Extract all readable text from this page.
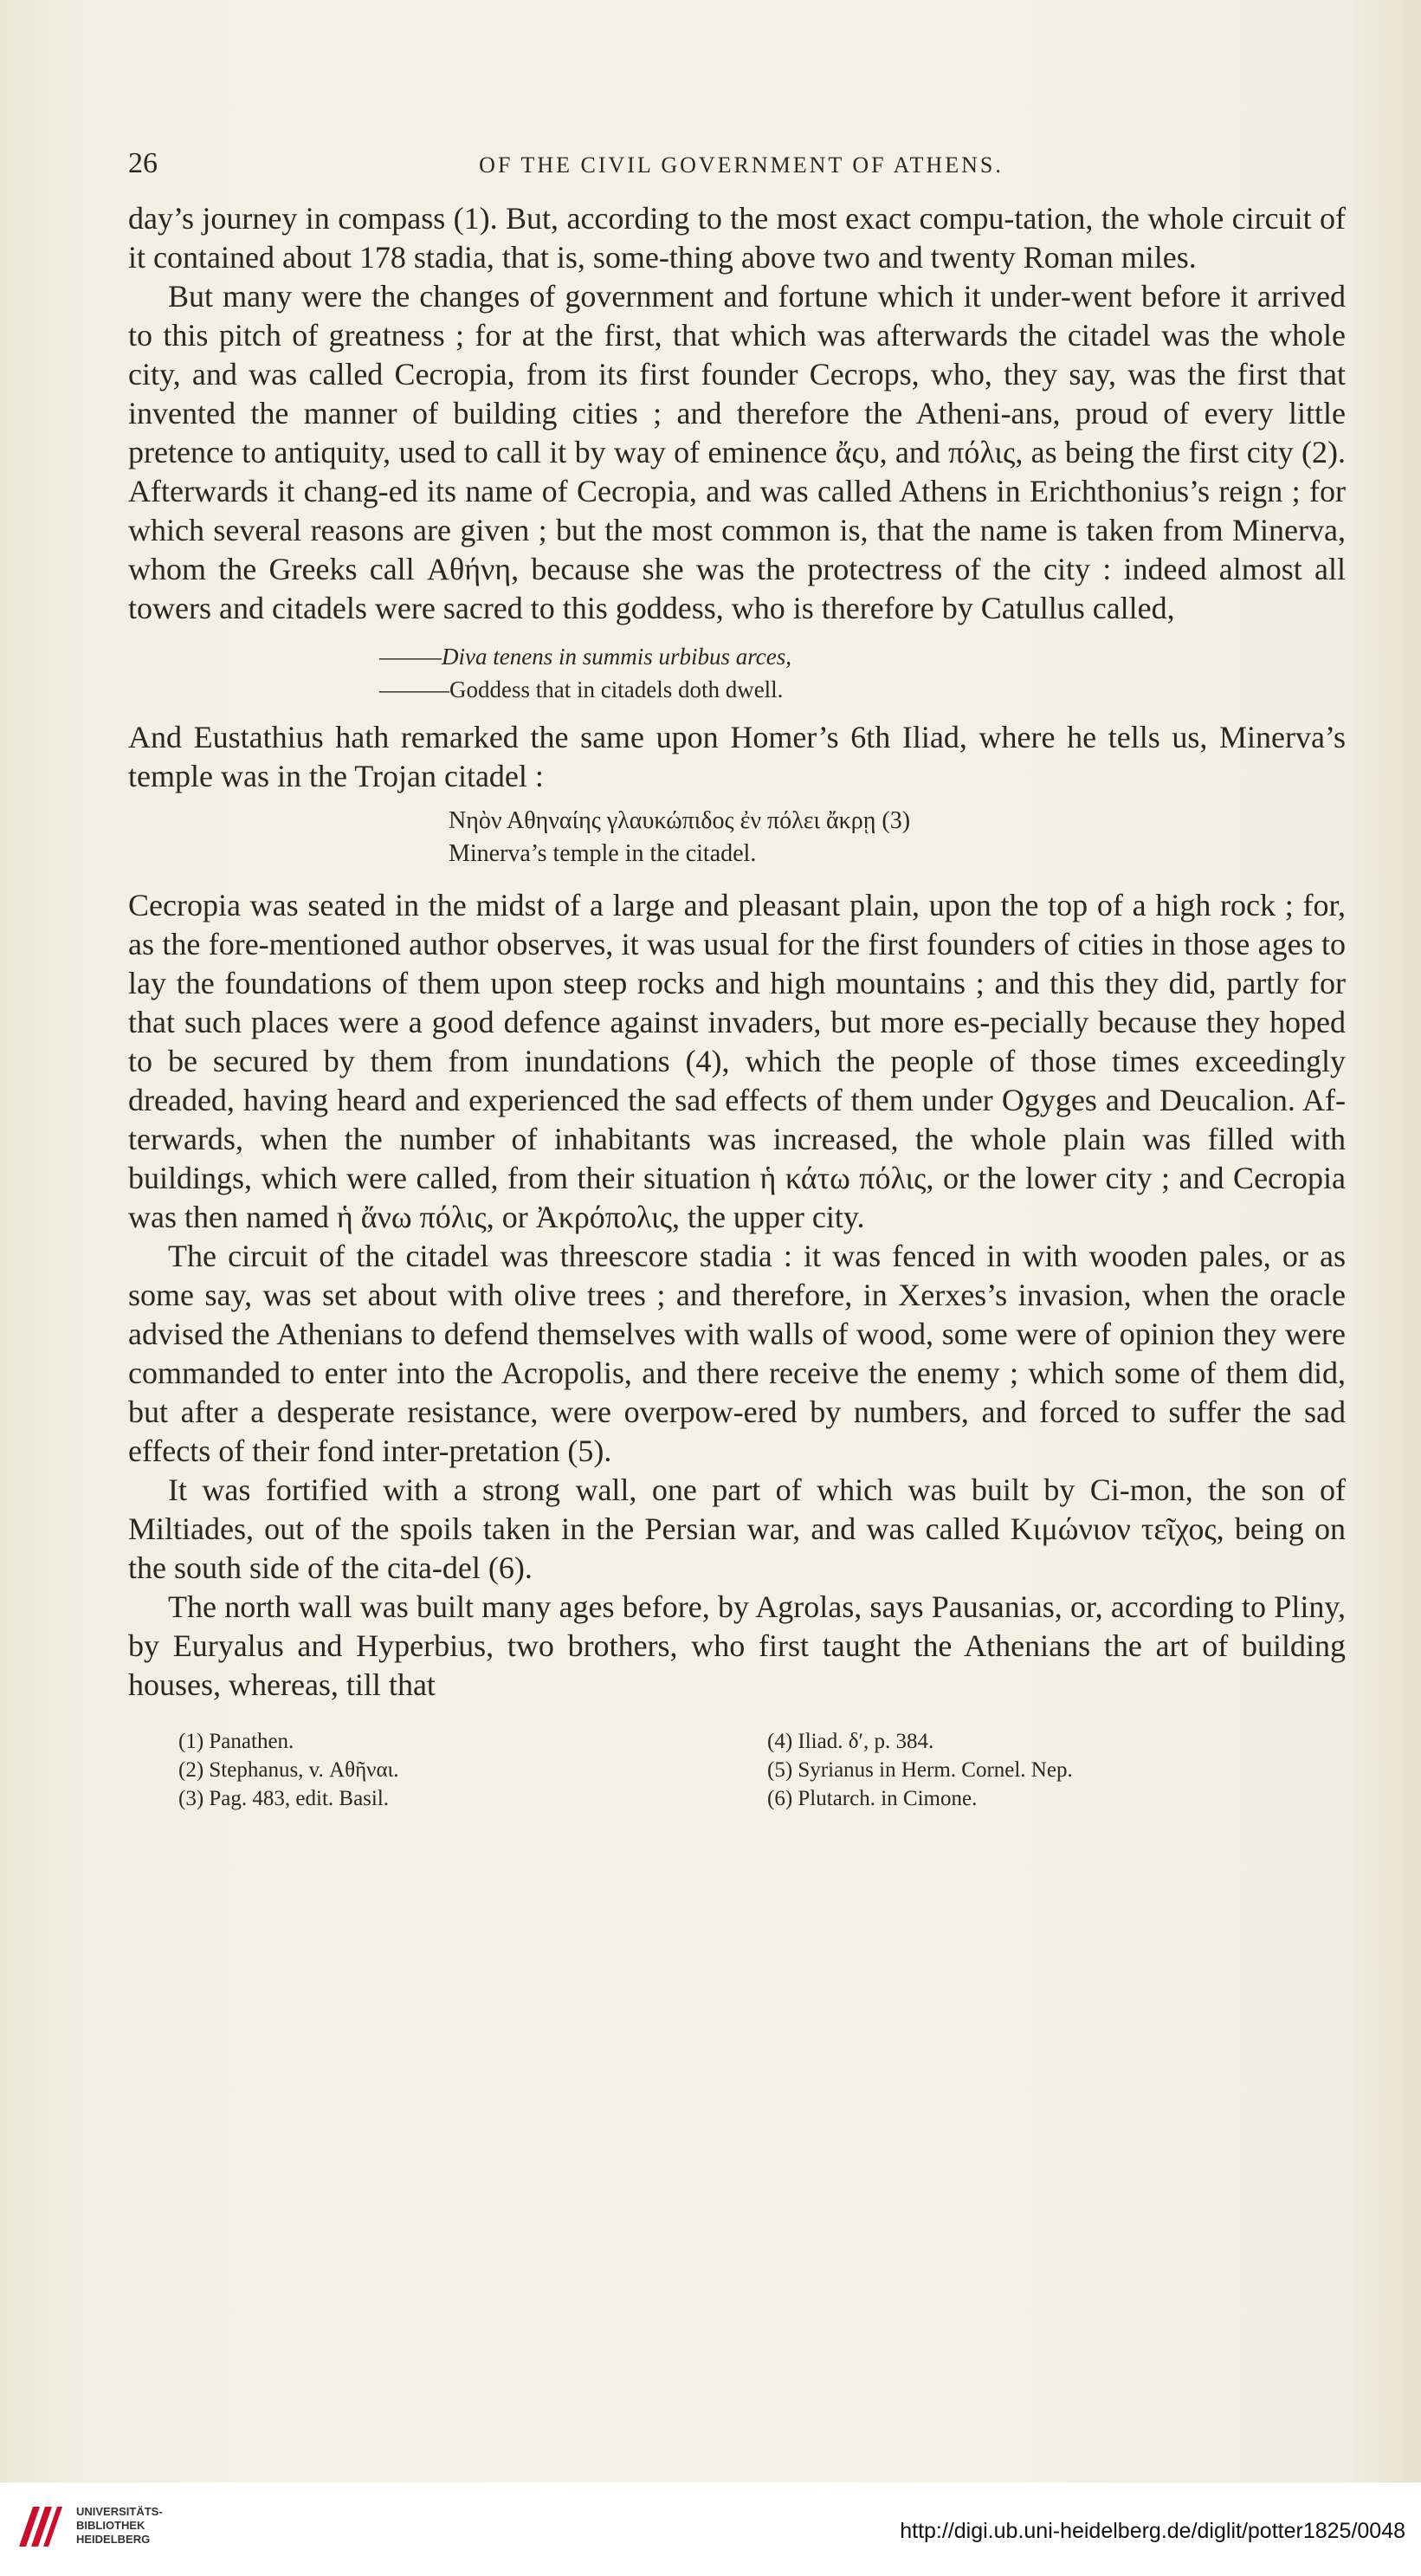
26	OF THE CIVIL GOVERNMENT OF ATHENS.

day’s journey in compass (1). But, according to the most exact compu-tation, the whole circuit of it contained about 178 stadia, that is, some-thing above two and twenty Roman miles.

But many were the changes of government and fortune which it under-went before it arrived to this pitch of greatness ; for at the first, that which was afterwards the citadel was the whole city, and was called Cecropia, from its first founder Cecrops, who, they say, was the first that invented the manner of building cities ; and therefore the Atheni-ans, proud of every little pretence to antiquity, used to call it by way of eminence ἄςυ, and πόλις, as being the first city (2). Afterwards it chang-ed its name of Cecropia, and was called Athens in Erichthonius’s reign ; for which several reasons are given ; but the most common is, that the name is taken from Minerva, whom the Greeks call Αθήνη, because she was the protectress of the city : indeed almost all towers and citadels were sacred to this goddess, who is therefore by Catullus called,

———Diva tenens in summis urbibus arces,
———Goddess that in citadels doth dwell.

And Eustathius hath remarked the same upon Homer’s 6th Iliad, where he tells us, Minerva’s temple was in the Trojan citadel :

Νηὸν Αθηναίης γλαυκώπιδος ἐν πόλει ἄκρῃ (3)
Minerva’s temple in the citadel.

Cecropia was seated in the midst of a large and pleasant plain, upon the top of a high rock ; for, as the fore-mentioned author observes, it was usual for the first founders of cities in those ages to lay the foundations of them upon steep rocks and high mountains ; and this they did, partly for that such places were a good defence against invaders, but more es-pecially because they hoped to be secured by them from inundations (4), which the people of those times exceedingly dreaded, having heard and experienced the sad effects of them under Ogyges and Deucalion. Af-terwards, when the number of inhabitants was increased, the whole plain was filled with buildings, which were called, from their situation ἡ κάτω πόλις, or the lower city ; and Cecropia was then named ἡ ἄνω πόλις, or Ἀκρόπολις, the upper city.

The circuit of the citadel was threescore stadia : it was fenced in with wooden pales, or as some say, was set about with olive trees ; and therefore, in Xerxes’s invasion, when the oracle advised the Athenians to defend themselves with walls of wood, some were of opinion they were commanded to enter into the Acropolis, and there receive the enemy ; which some of them did, but after a desperate resistance, were overpow-ered by numbers, and forced to suffer the sad effects of their fond inter-pretation (5).

It was fortified with a strong wall, one part of which was built by Ci-mon, the son of Miltiades, out of the spoils taken in the Persian war, and was called Κιμώνιον τεῖχος, being on the south side of the cita-del (6).

The north wall was built many ages before, by Agrolas, says Pausanias, or, according to Pliny, by Euryalus and Hyperbius, two brothers, who first taught the Athenians the art of building houses, whereas, till that

(1) Panathen.	(4) Iliad. δ′, p. 384.
(2) Stephanus, v. Αθῆναι.	(5) Syrianus in Herm. Cornel. Nep.
(3) Pag. 483, edit. Basil.	(6) Plutarch. in Cimone.
UNIVERSITÄTS-
BIBLIOTHEK
HEIDELBERG	http://digi.ub.uni-heidelberg.de/diglit/potter1825/0048
